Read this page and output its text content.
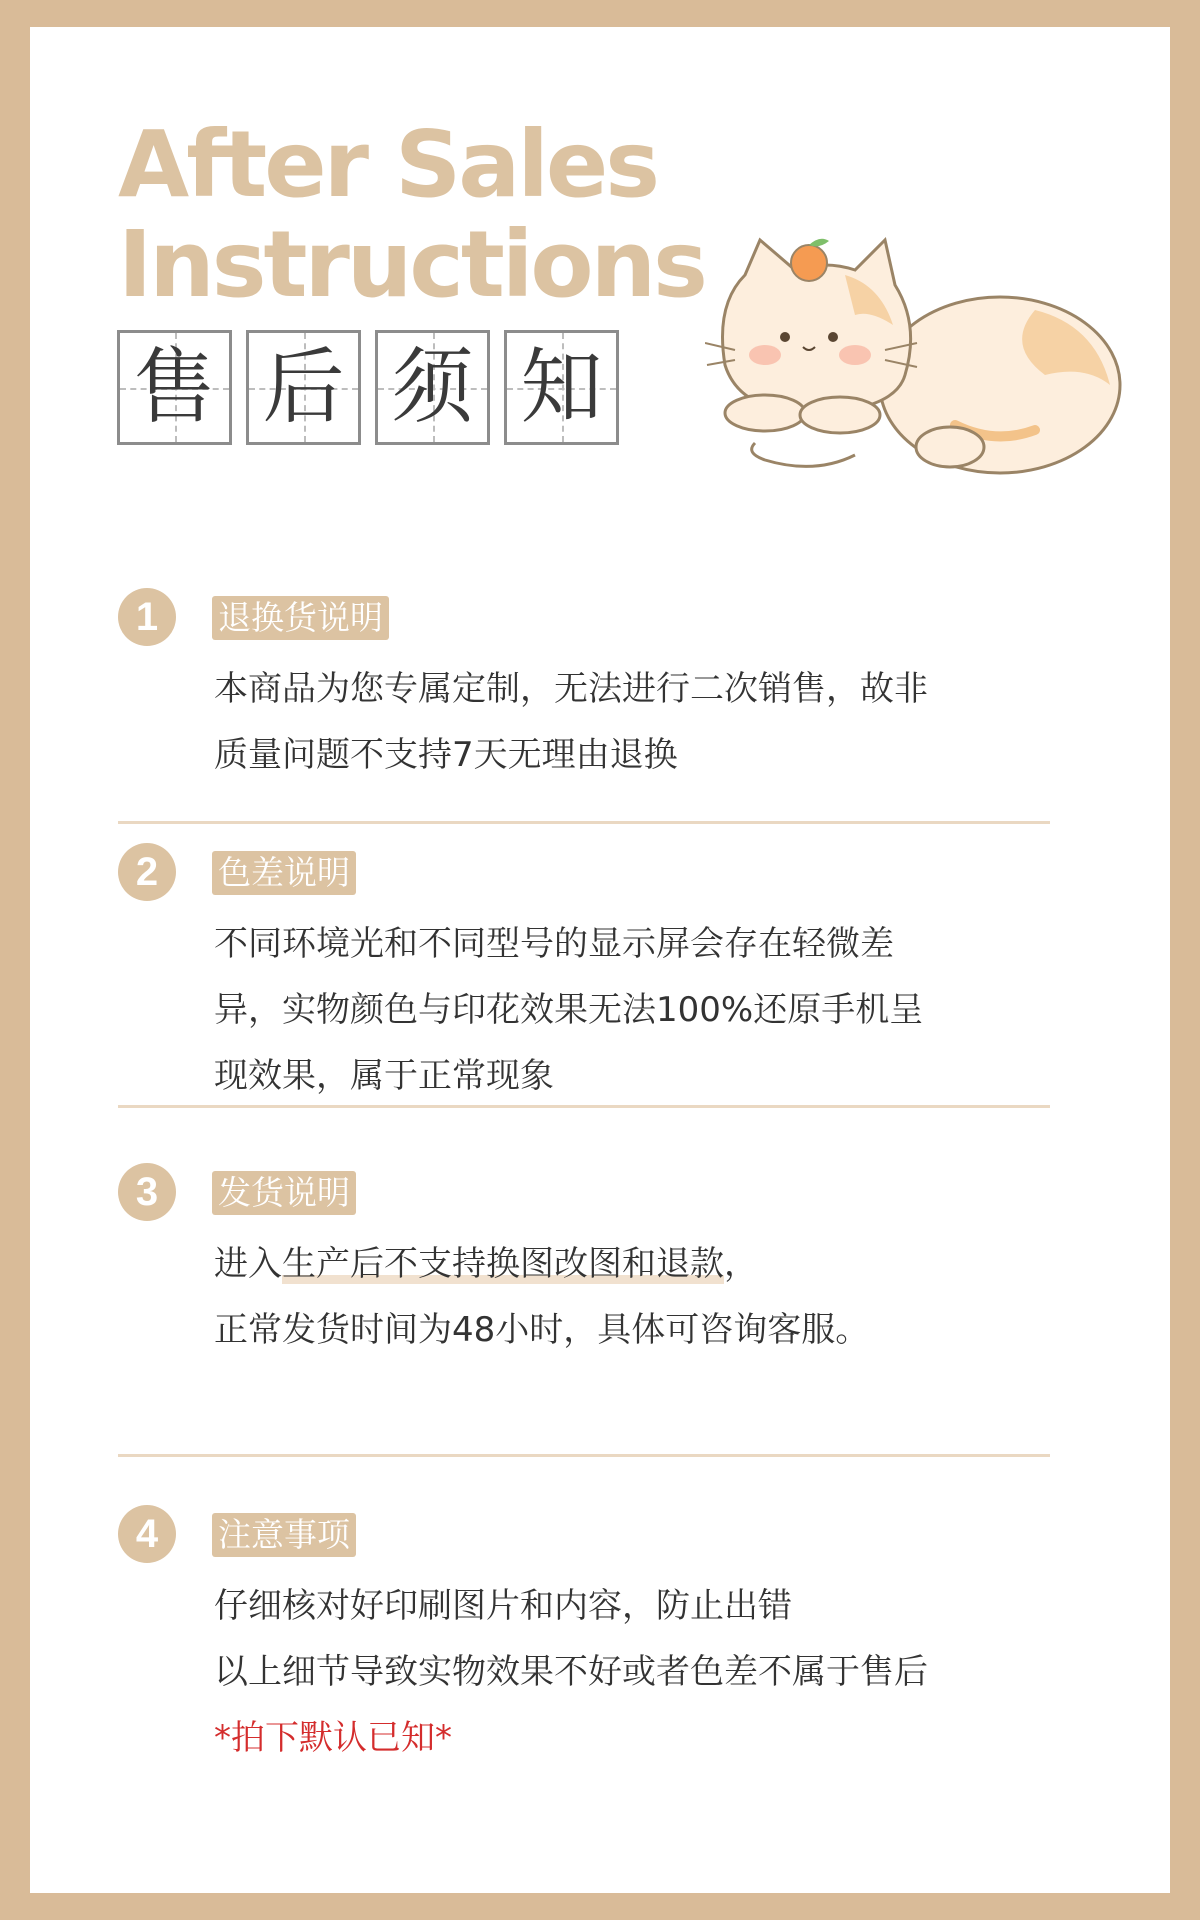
After Sales
Instructions
售 后 须 知
1	退换货说明

本商品为您专属定制，无法进行二次销售，故非

质量问题不支持7天无理由退换

2	色差说明

不同环境光和不同型号的显示屏会存在轻微差

异，实物颜色与印花效果无法100%还原手机呈

现效果，属于正常现象

3	发货说明

进入生产后不支持换图改图和退款，

正常发货时间为48小时，具体可咨询客服。

4	注意事项

仔细核对好印刷图片和内容，防止出错

以上细节导致实物效果不好或者色差不属于售后

*拍下默认已知*
